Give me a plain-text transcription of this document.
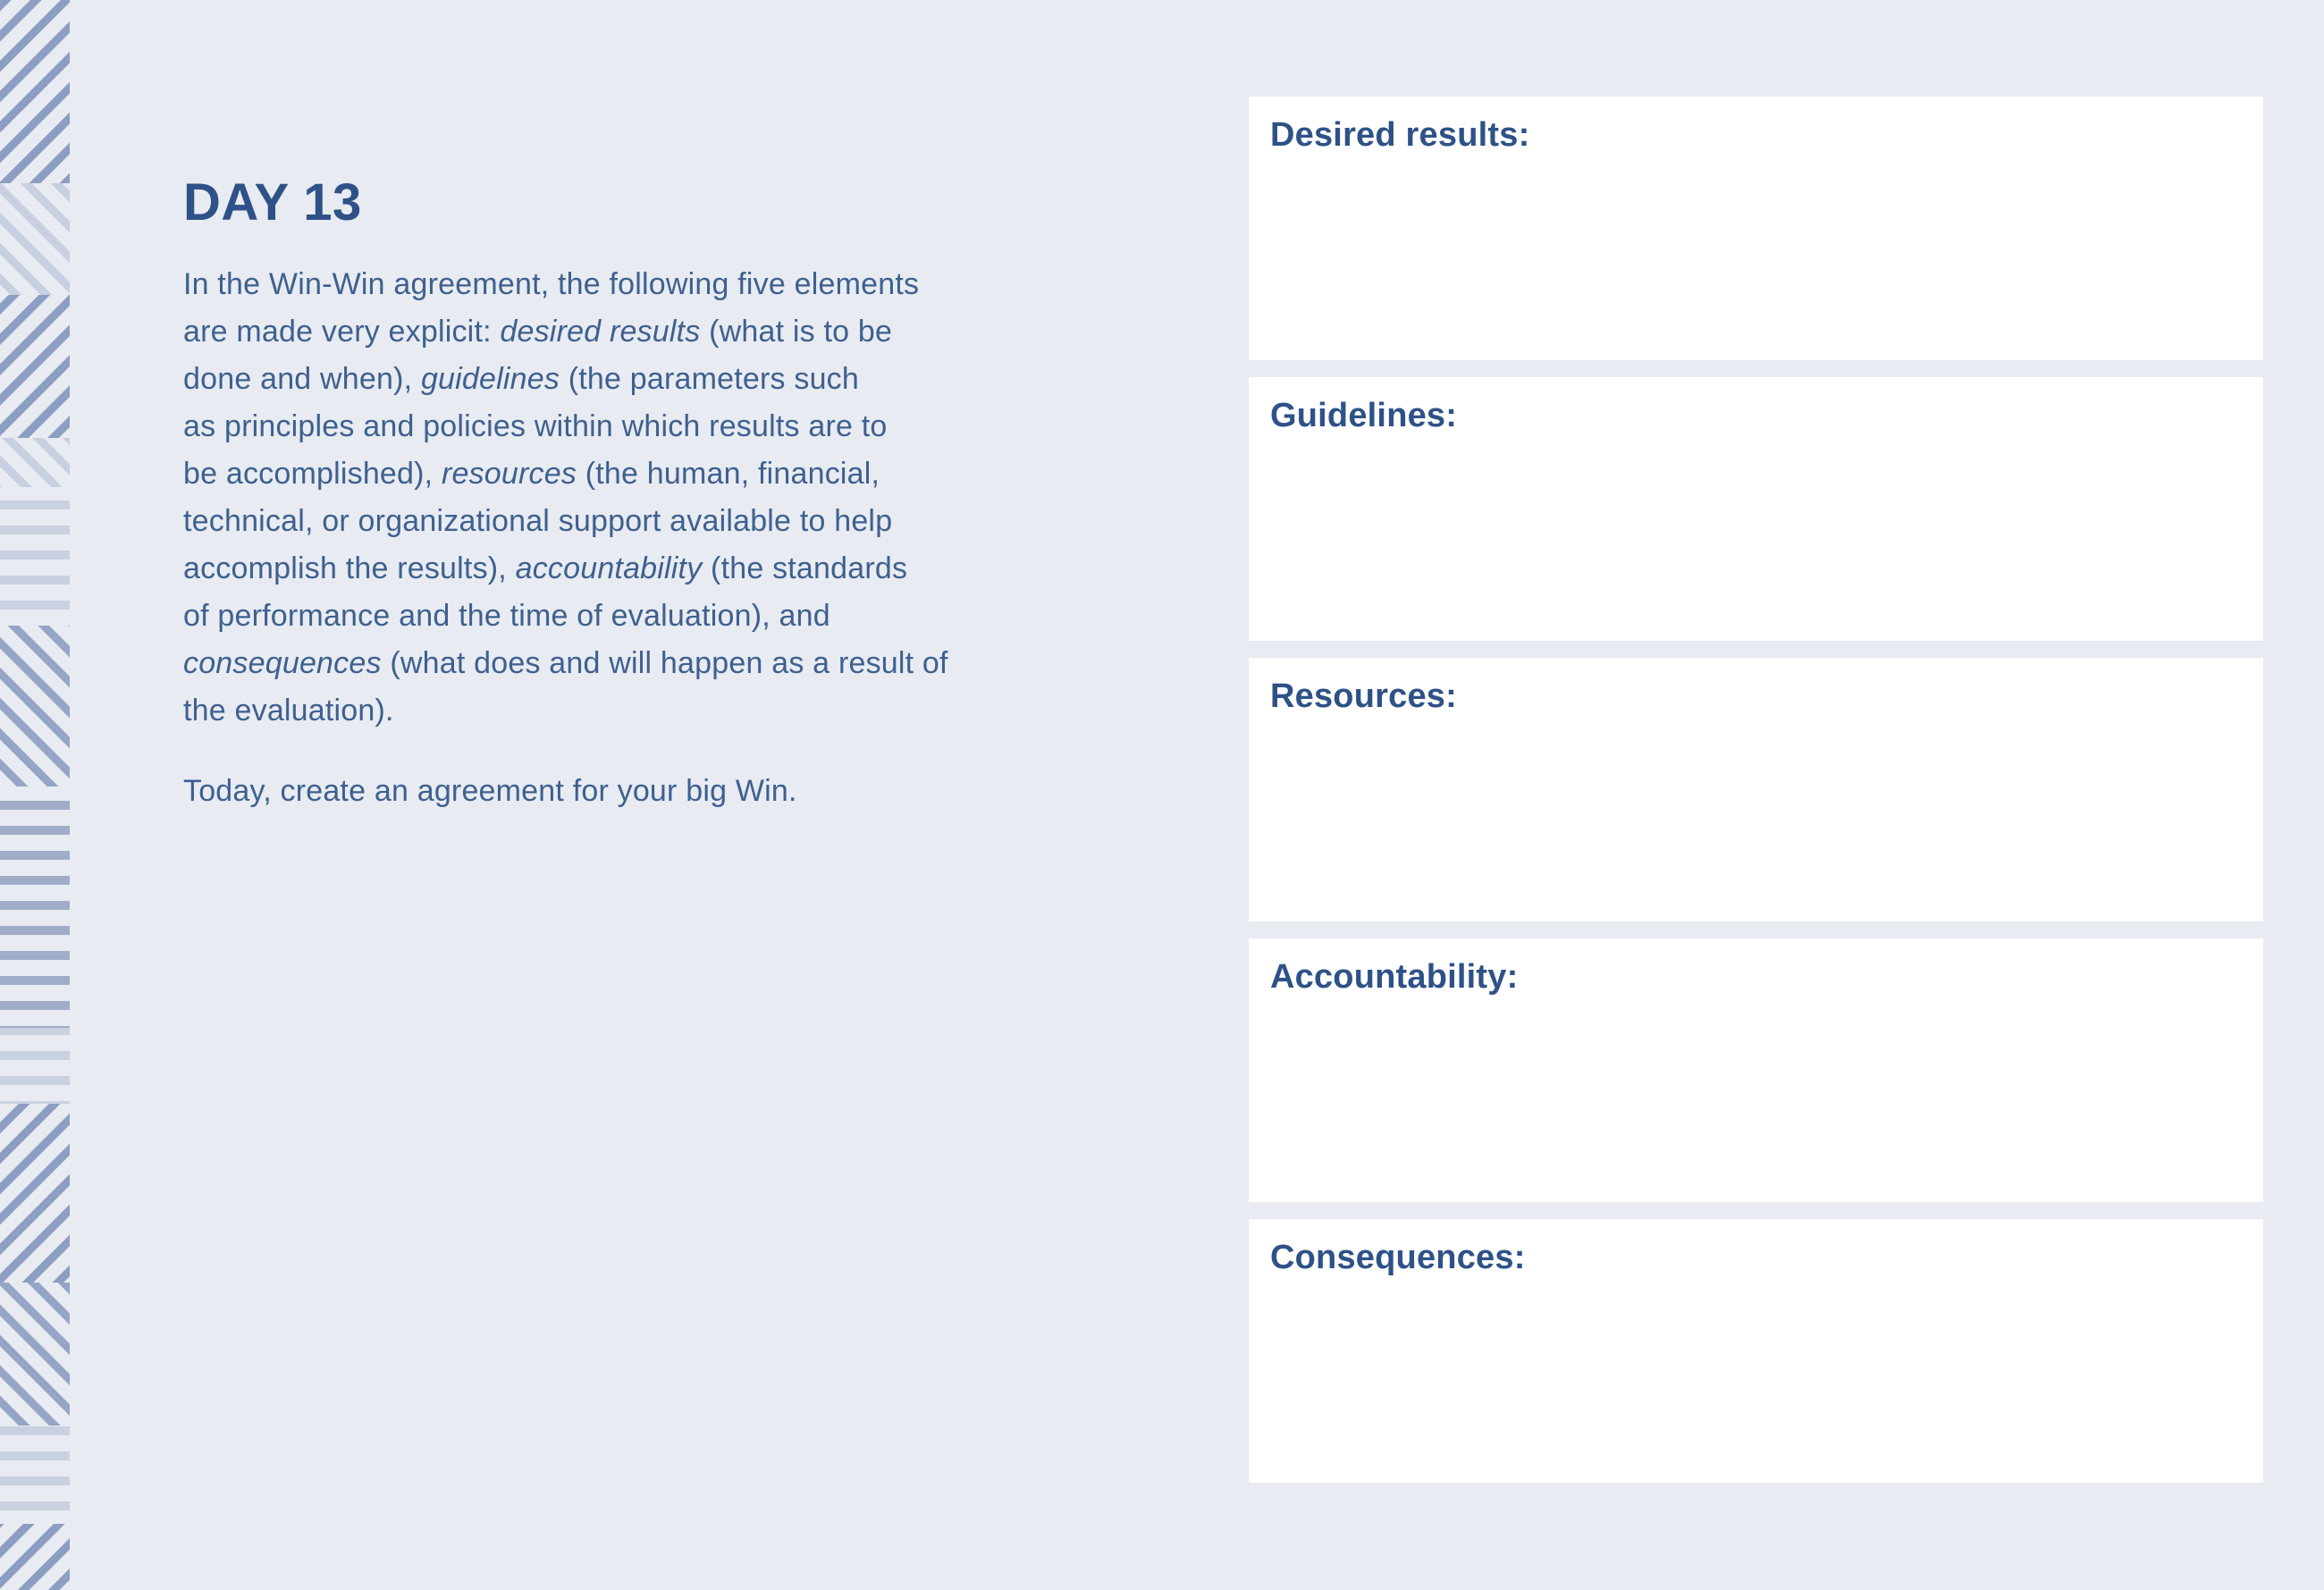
DAY 13

In the Win-Win agreement, the following five elements
are made very explicit: desired results (what is to be
done and when), guidelines (the parameters such
as principles and policies within which results are to
be accomplished), resources (the human, financial,
technical, or organizational support available to help
accomplish the results), accountability (the standards
of performance and the time of evaluation), and
consequences (what does and will happen as a result of
the evaluation).

Today, create an agreement for your big Win.

Desired results:
Guidelines:
Resources:
Accountability:
Consequences:
